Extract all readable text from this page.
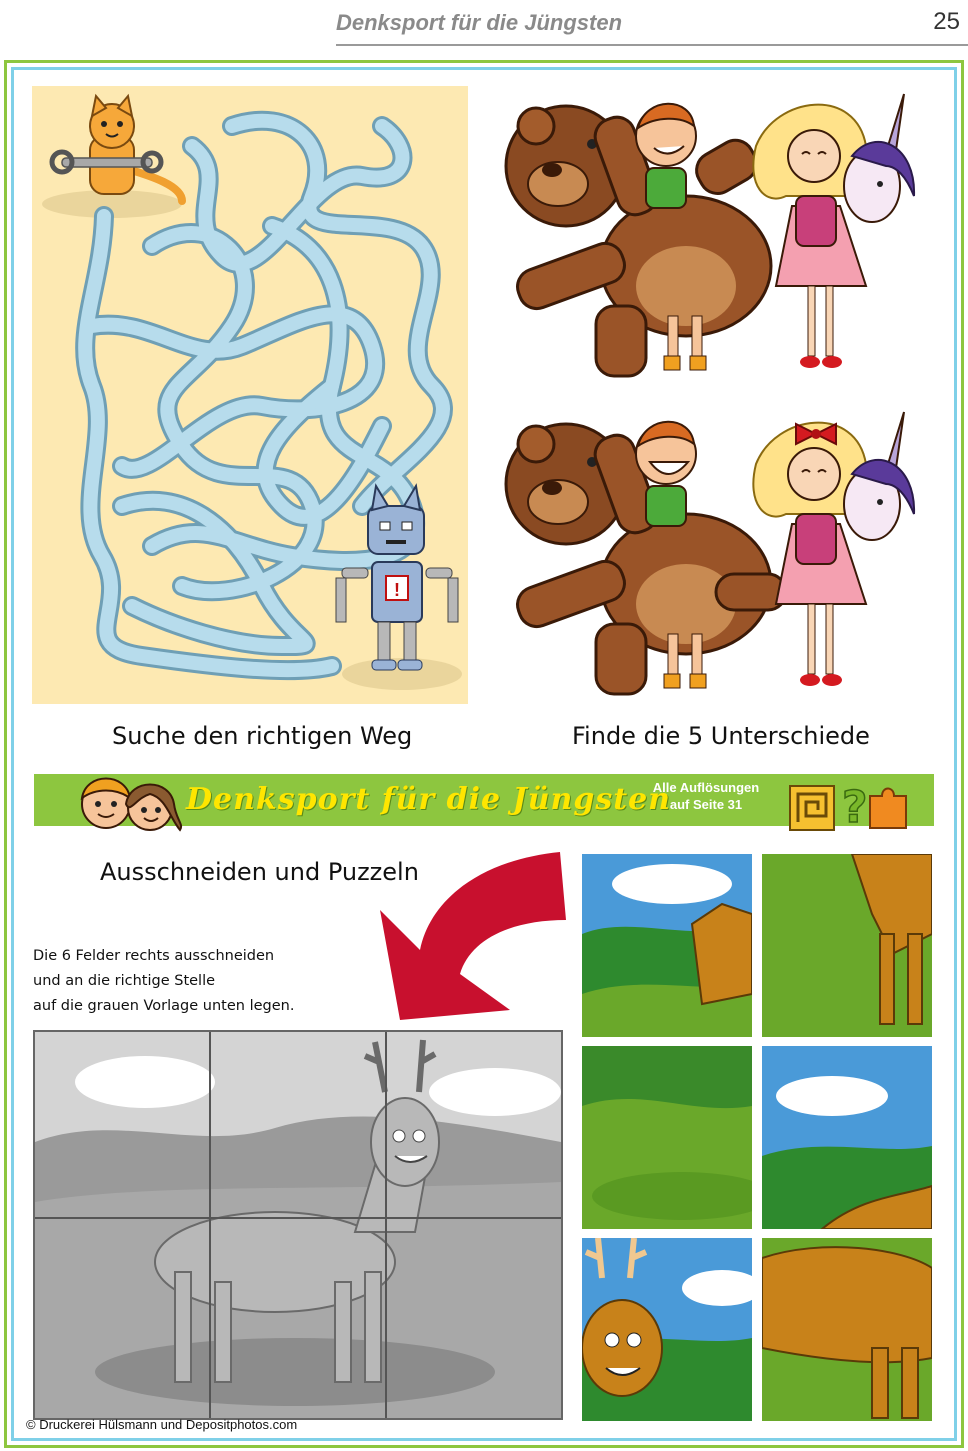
Denksport für die Jüngsten	25
!
Suche den richtigen Weg	Finde die 5 Unterschiede
Denksport für die Jüngsten
Alle Auflösungen
auf Seite 31	?
Ausschneiden und Puzzeln
Die 6 Felder rechts ausschneiden
und an die richtige Stelle
auf die grauen Vorlage unten legen.
© Druckerei Hülsmann und Depositphotos.com
